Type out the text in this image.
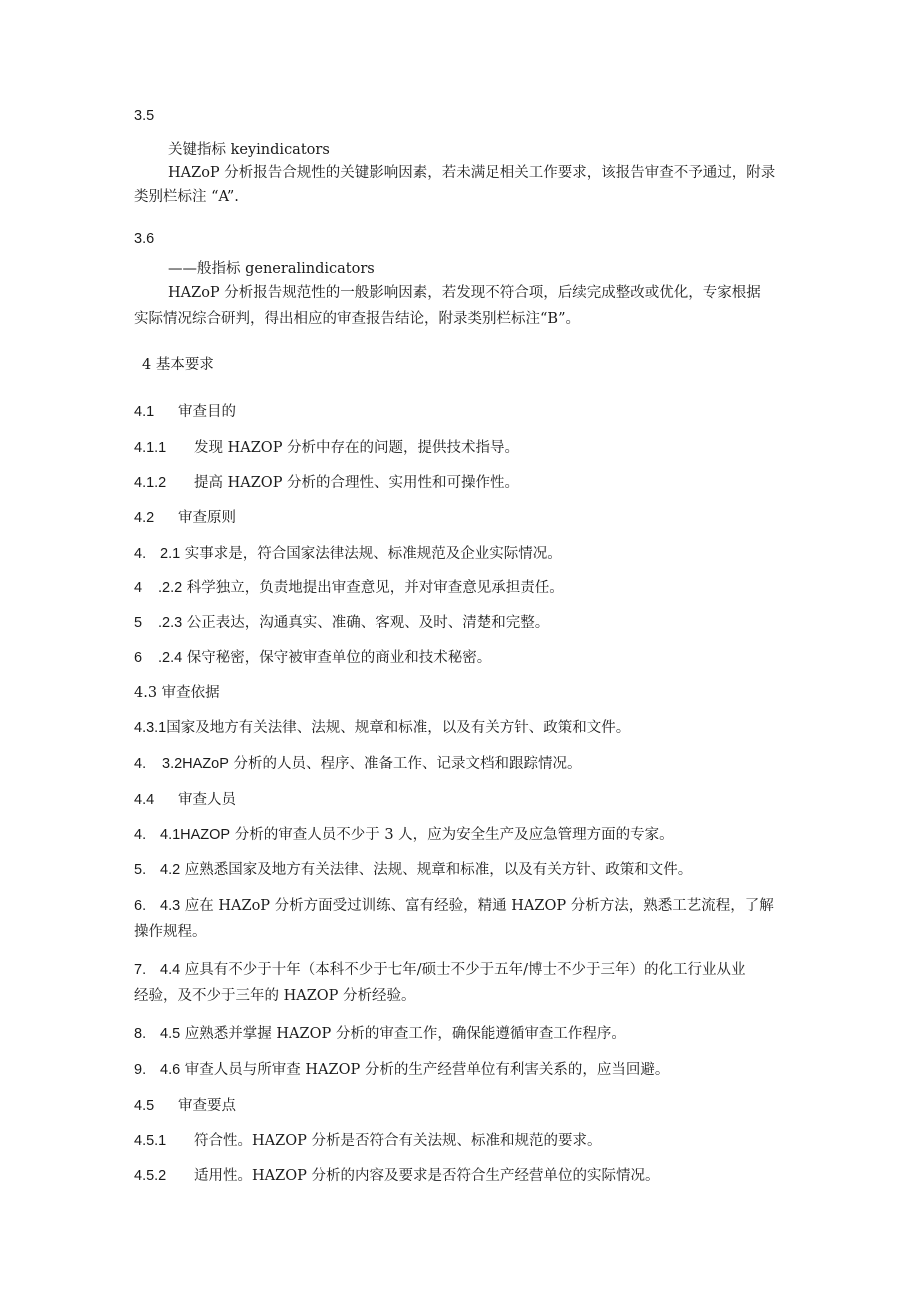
3.5
关键指标 keyindicators
HAZoP 分析报告合规性的关键影响因素，若未满足相关工作要求，该报告审查不予通过，附录
类别栏标注 “A”.
3.6
——般指标 generalindicators
HAZoP 分析报告规范性的一般影响因素，若发现不符合项，后续完成整改或优化，专家根据
实际情况综合研判，得出相应的审查报告结论，附录类别栏标注“B”。
4 基本要求
4.1 审查目的
4.1.1 发现 HAZOP 分析中存在的问题，提供技术指导。
4.1.2 提高 HAZOP 分析的合理性、实用性和可操作性。
4.2 审查原则
4. 2.1 实事求是，符合国家法律法规、标准规范及企业实际情况。
4 .2.2 科学独立，负责地提出审查意见，并对审查意见承担责任。
5 .2.3 公正表达，沟通真实、准确、客观、及时、清楚和完整。
6 .2.4 保守秘密，保守被审查单位的商业和技术秘密。
4.3 审查依据
4.3.1国家及地方有关法律、法规、规章和标准，以及有关方针、政策和文件。
4. 3.2HAZoP 分析的人员、程序、准备工作、记录文档和跟踪情况。
4.4 审查人员
4. 4.1HAZOP 分析的审查人员不少于 3 人，应为安全生产及应急管理方面的专家。
5. 4.2 应熟悉国家及地方有关法律、法规、规章和标准，以及有关方针、政策和文件。
6. 4.3 应在 HAZoP 分析方面受过训练、富有经验，精通 HAZOP 分析方法，熟悉工艺流程，了解
操作规程。
7. 4.4 应具有不少于十年（本科不少于七年/硕士不少于五年/博士不少于三年）的化工行业从业
经验，及不少于三年的 HAZOP 分析经验。
8. 4.5 应熟悉并掌握 HAZOP 分析的审查工作，确保能遵循审查工作程序。
9. 4.6 审查人员与所审查 HAZOP 分析的生产经营单位有利害关系的，应当回避。
4.5 审查要点
4.5.1 符合性。HAZOP 分析是否符合有关法规、标准和规范的要求。
4.5.2 适用性。HAZOP 分析的内容及要求是否符合生产经营单位的实际情况。
